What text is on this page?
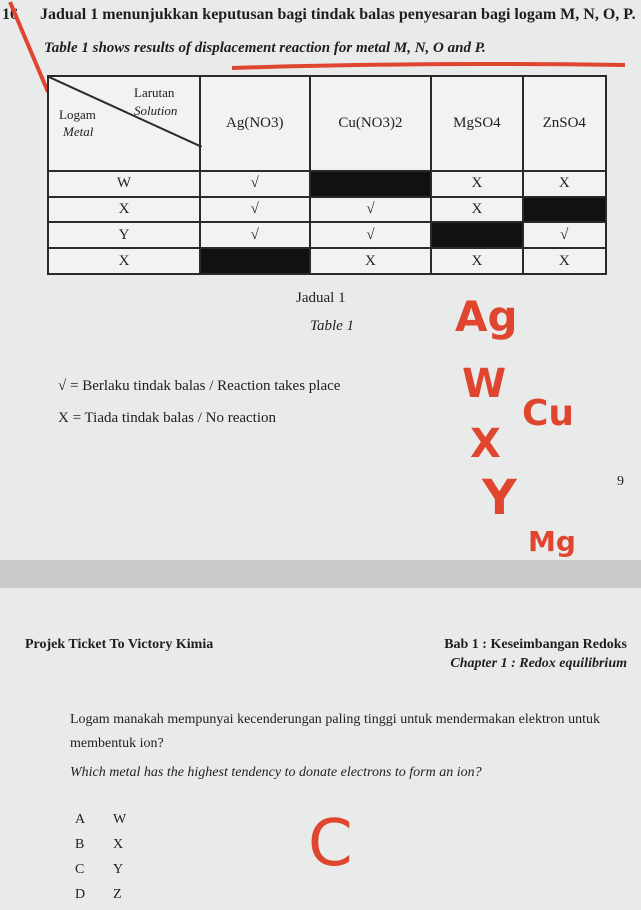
16 Jadual 1 menunjukkan keputusan bagi tindak balas penyesaran bagi logam M, N, O, P.
Table 1 shows results of displacement reaction for metal M, N, O and P.
Larutan
Solution
Logam
Metal	Ag(NO3)	Cu(NO3)2	MgSO4	ZnSO4
W	√		X	X
X	√	√	X	
Y	√	√		√
X		X	X	X
Jadual 1
Table 1
√ = Berlaku tindak balas / Reaction takes place
X = Tiada tindak balas / No reaction
9
Ag
W
Cu
X
Y
Mg
Projek Ticket To Victory Kimia	Bab 1 : Keseimbangan Redoks
Chapter 1 : Redox equilibrium
Logam manakah mempunyai kecenderungan paling tinggi untuk mendermakan elektron untuk membentuk ion?
Which metal has the highest tendency to donate electrons to form an ion?
A W
B X
C Y
D Z
C
